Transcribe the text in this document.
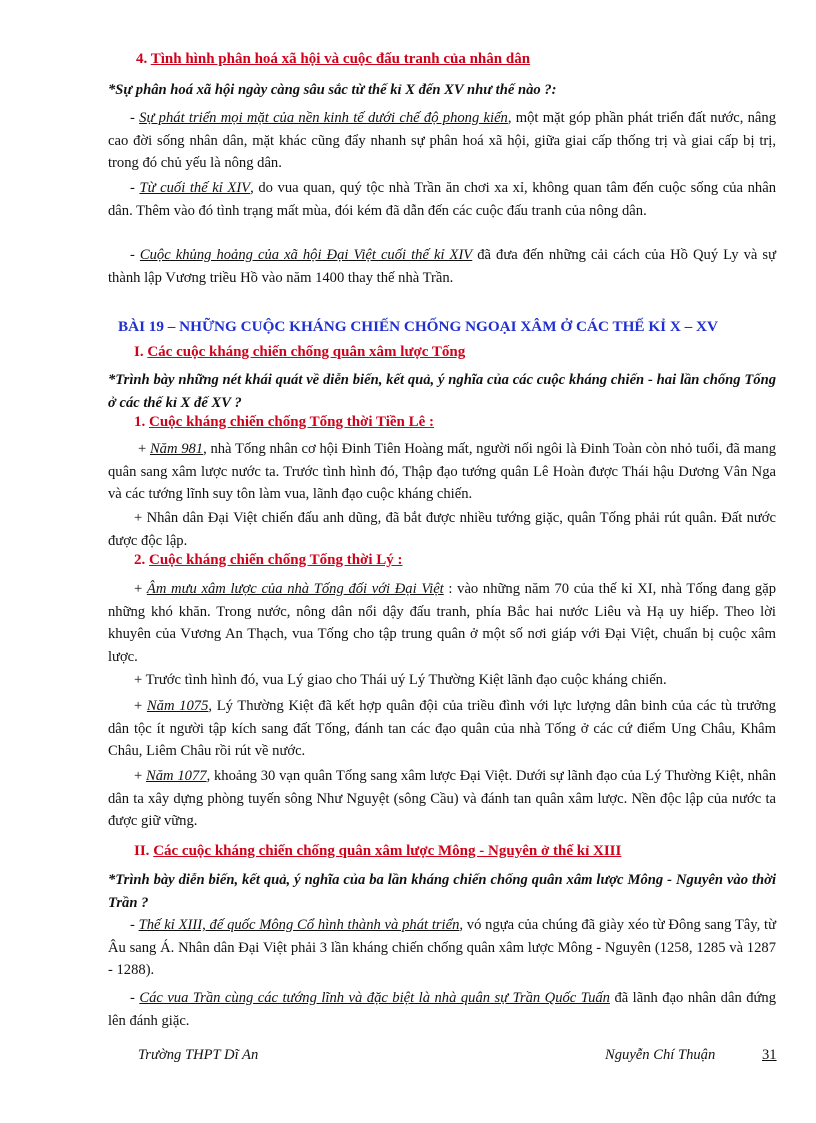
4. Tình hình phân hoá xã hội và cuộc đấu tranh của nhân dân
*Sự phân hoá xã hội ngày càng sâu sắc từ thế kỉ X đến XV như thế nào ?:

- Sự phát triển mọi mặt của nền kinh tế dưới chế độ phong kiến, một mặt góp phần phát triển đất nước, nâng cao đời sống nhân dân, mặt khác cũng đẩy nhanh sự phân hoá xã hội, giữa giai cấp thống trị và giai cấp bị trị, trong đó chủ yếu là nông dân.

- Từ cuối thế kỉ XIV, do vua quan, quý tộc nhà Trần ăn chơi xa xỉ, không quan tâm đến cuộc sống của nhân dân. Thêm vào đó tình trạng mất mùa, đói kém đã dẫn đến các cuộc đấu tranh của nông dân.

- Cuộc khủng hoảng của xã hội Đại Việt cuối thế kỉ XIV đã đưa đến những cải cách của Hồ Quý Ly và sự thành lập Vương triều Hồ vào năm 1400 thay thế nhà Trần.

BÀI 19 – NHỮNG CUỘC KHÁNG CHIẾN CHỐNG NGOẠI XÂM Ở CÁC THẾ KỈ X – XV
I. Các cuộc kháng chiến chống quân xâm lược Tống

*Trình bày những nét khái quát về diễn biến, kết quả, ý nghĩa của các cuộc kháng chiến - hai lần chống Tống ở các thế kỉ X đế XV ?

1. Cuộc kháng chiến chống Tống thời Tiền Lê :

+ Năm 981, nhà Tống nhân cơ hội Đinh Tiên Hoàng mất, người nối ngôi là Đinh Toàn còn nhỏ tuổi, đã mang quân sang xâm lược nước ta. Trước tình hình đó, Thập đạo tướng quân Lê Hoàn được Thái hậu Dương Vân Nga và các tướng lĩnh suy tôn làm vua, lãnh đạo cuộc kháng chiến.

+ Nhân dân Đại Việt chiến đấu anh dũng, đã bắt được nhiều tướng giặc, quân Tống phải rút quân. Đất nước được độc lập.

2. Cuộc kháng chiến chống Tống thời Lý :

+ Âm mưu xâm lược của nhà Tống đối với Đại Việt : vào những năm 70 của thế kỉ XI, nhà Tống đang gặp những khó khăn. Trong nước, nông dân nổi dậy đấu tranh, phía Bắc hai nước Liêu và Hạ uy hiếp. Theo lời khuyên của Vương An Thạch, vua Tống cho tập trung quân ở một số nơi giáp với Đại Việt, chuẩn bị cuộc xâm lược.

+ Trước tình hình đó, vua Lý giao cho Thái uý Lý Thường Kiệt lãnh đạo cuộc kháng chiến.

+ Năm 1075, Lý Thường Kiệt đã kết hợp quân đội của triều đình với lực lượng dân binh của các tù trưởng dân tộc ít người tập kích sang đất Tống, đánh tan các đạo quân của nhà Tống ở các cứ điểm Ung Châu, Khâm Châu, Liêm Châu rồi rút về nước.

+ Năm 1077, khoảng 30 vạn quân Tống sang xâm lược Đại Việt. Dưới sự lãnh đạo của Lý Thường Kiệt, nhân dân ta xây dựng phòng tuyến sông Như Nguyệt (sông Cầu) và đánh tan quân xâm lược. Nền độc lập của nước ta được giữ vững.

II. Các cuộc kháng chiến chống quân xâm lược Mông - Nguyên ở thế kỉ XIII

*Trình bày diễn biến, kết quả, ý nghĩa của ba lần kháng chiến chống quân xâm lược Mông - Nguyên vào thời Trần ?

- Thế kỉ XIII, đế quốc Mông Cổ hình thành và phát triển, vó ngựa của chúng đã giày xéo từ Đông sang Tây, từ Âu sang Á. Nhân dân Đại Việt phải 3 lần kháng chiến chống quân xâm lược Mông - Nguyên (1258, 1285 và 1287 - 1288).

- Các vua Trần cùng các tướng lĩnh và đặc biệt là nhà quân sự Trần Quốc Tuấn đã lãnh đạo nhân dân đứng lên đánh giặc.

Trường THPT Dĩ An	Nguyễn Chí Thuận	31
